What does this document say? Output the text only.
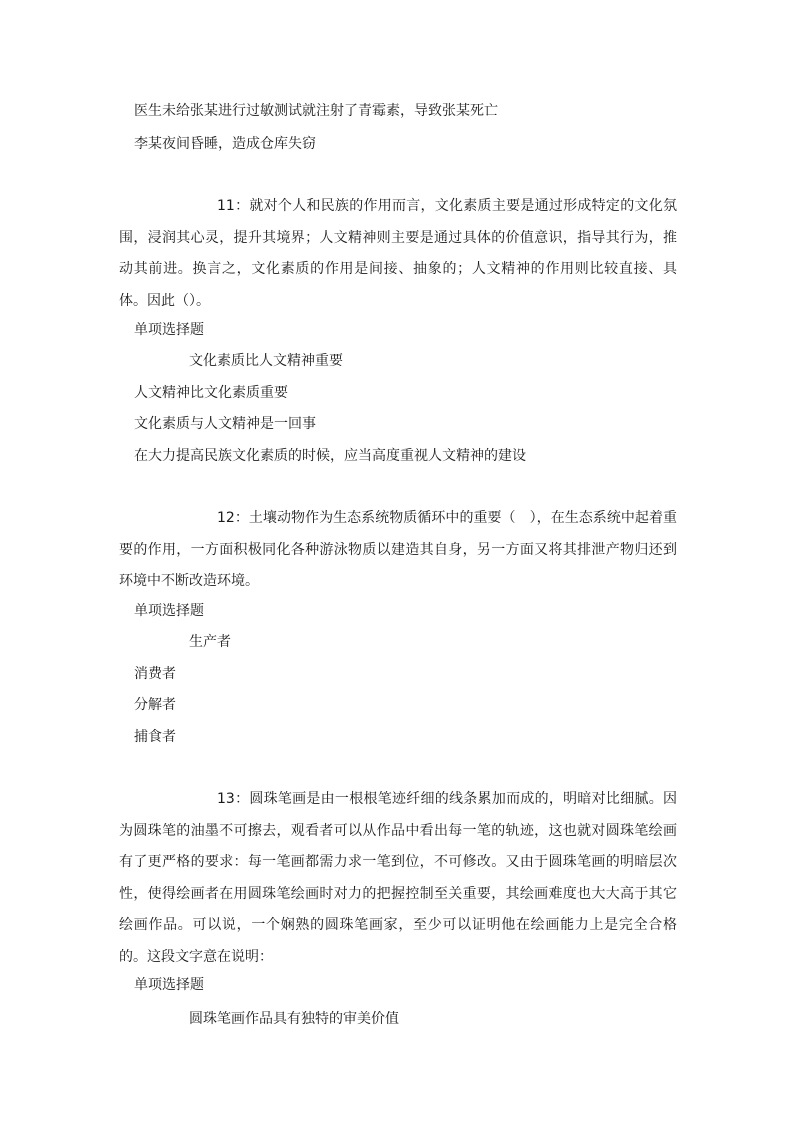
医生未给张某进行过敏测试就注射了青霉素，导致张某死亡
李某夜间昏睡，造成仓库失窃

11：就对个人和民族的作用而言，文化素质主要是通过形成特定的文化氛围，浸润其心灵，提升其境界；人文精神则主要是通过具体的价值意识，指导其行为，推动其前进。换言之，文化素质的作用是间接、抽象的；人文精神的作用则比较直接、具体。因此（）。

单项选择题
文化素质比人文精神重要
人文精神比文化素质重要
文化素质与人文精神是一回事
在大力提高民族文化素质的时候，应当高度重视人文精神的建设

12：土壤动物作为生态系统物质循环中的重要（　），在生态系统中起着重要的作用，一方面积极同化各种游泳物质以建造其自身，另一方面又将其排泄产物归还到环境中不断改造环境。

单项选择题
生产者
消费者
分解者
捕食者

13：圆珠笔画是由一根根笔迹纤细的线条累加而成的，明暗对比细腻。因为圆珠笔的油墨不可擦去，观看者可以从作品中看出每一笔的轨迹，这也就对圆珠笔绘画有了更严格的要求：每一笔画都需力求一笔到位，不可修改。又由于圆珠笔画的明暗层次性，使得绘画者在用圆珠笔绘画时对力的把握控制至关重要，其绘画难度也大大高于其它绘画作品。可以说，一个娴熟的圆珠笔画家，至少可以证明他在绘画能力上是完全合格的。这段文字意在说明：

单项选择题
圆珠笔画作品具有独特的审美价值
